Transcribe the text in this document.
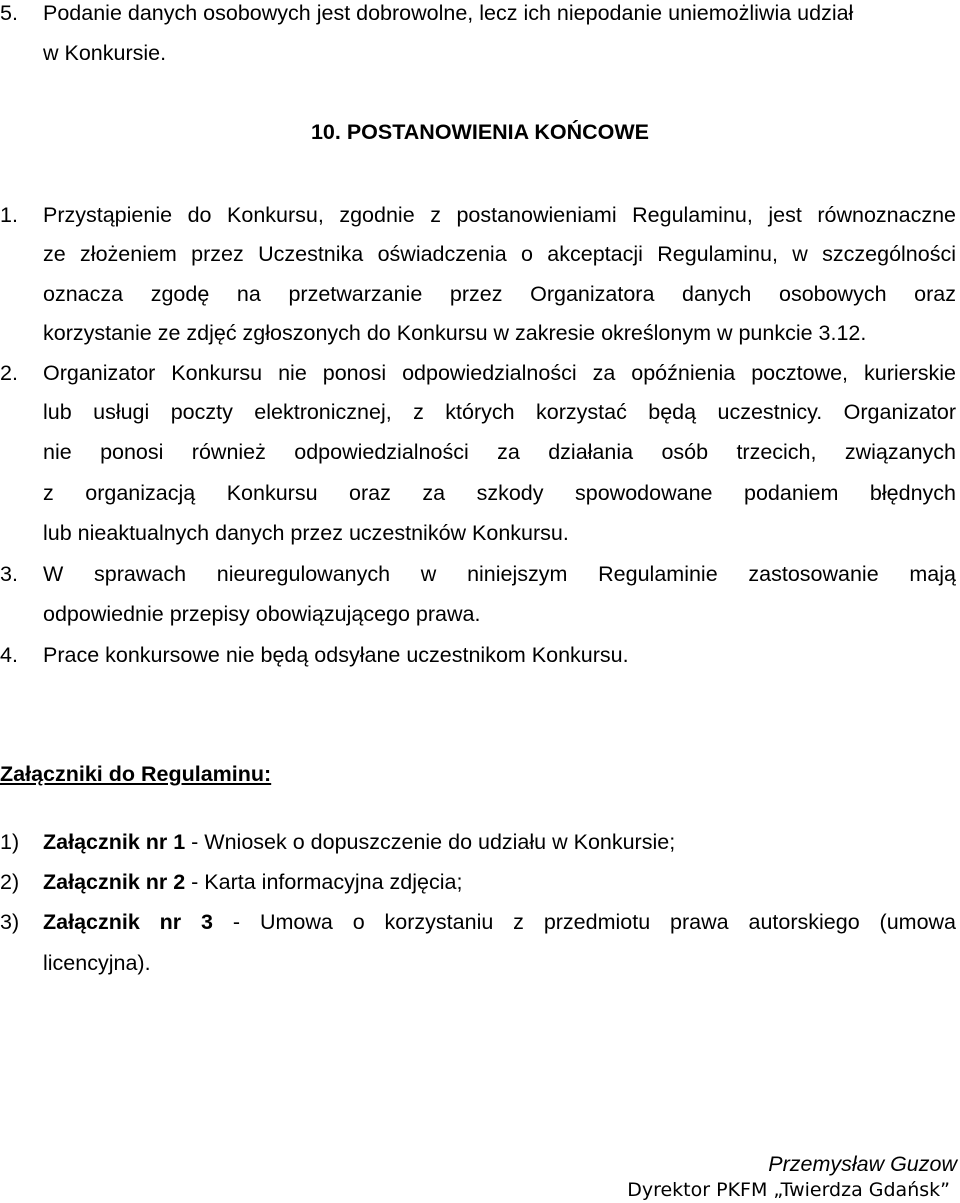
5. Podanie danych osobowych jest dobrowolne, lecz ich niepodanie uniemożliwia udział
w Konkursie.
10. POSTANOWIENIA KOŃCOWE
1. Przystąpienie do Konkursu, zgodnie z postanowieniami Regulaminu, jest równoznaczne
ze złożeniem przez Uczestnika oświadczenia o akceptacji Regulaminu, w szczególności
oznacza zgodę na przetwarzanie przez Organizatora danych osobowych oraz
korzystanie ze zdjęć zgłoszonych do Konkursu w zakresie określonym w punkcie 3.12.
2. Organizator Konkursu nie ponosi odpowiedzialności za opóźnienia pocztowe, kurierskie
lub usługi poczty elektronicznej, z których korzystać będą uczestnicy. Organizator
nie ponosi również odpowiedzialności za działania osób trzecich, związanych
z organizacją Konkursu oraz za szkody spowodowane podaniem błędnych
lub nieaktualnych danych przez uczestników Konkursu.
3. W sprawach nieuregulowanych w niniejszym Regulaminie zastosowanie mają
odpowiednie przepisy obowiązującego prawa.
4. Prace konkursowe nie będą odsyłane uczestnikom Konkursu.
Załączniki do Regulaminu:
1) Załącznik nr 1 - Wniosek o dopuszczenie do udziału w Konkursie;
2) Załącznik nr 2 - Karta informacyjna zdjęcia;
3) Załącznik nr 3 - Umowa o korzystaniu z przedmiotu prawa autorskiego (umowa
licencyjna).
Przemysław Guzow
Dyrektor PKFM „Twierdza Gdańsk”
